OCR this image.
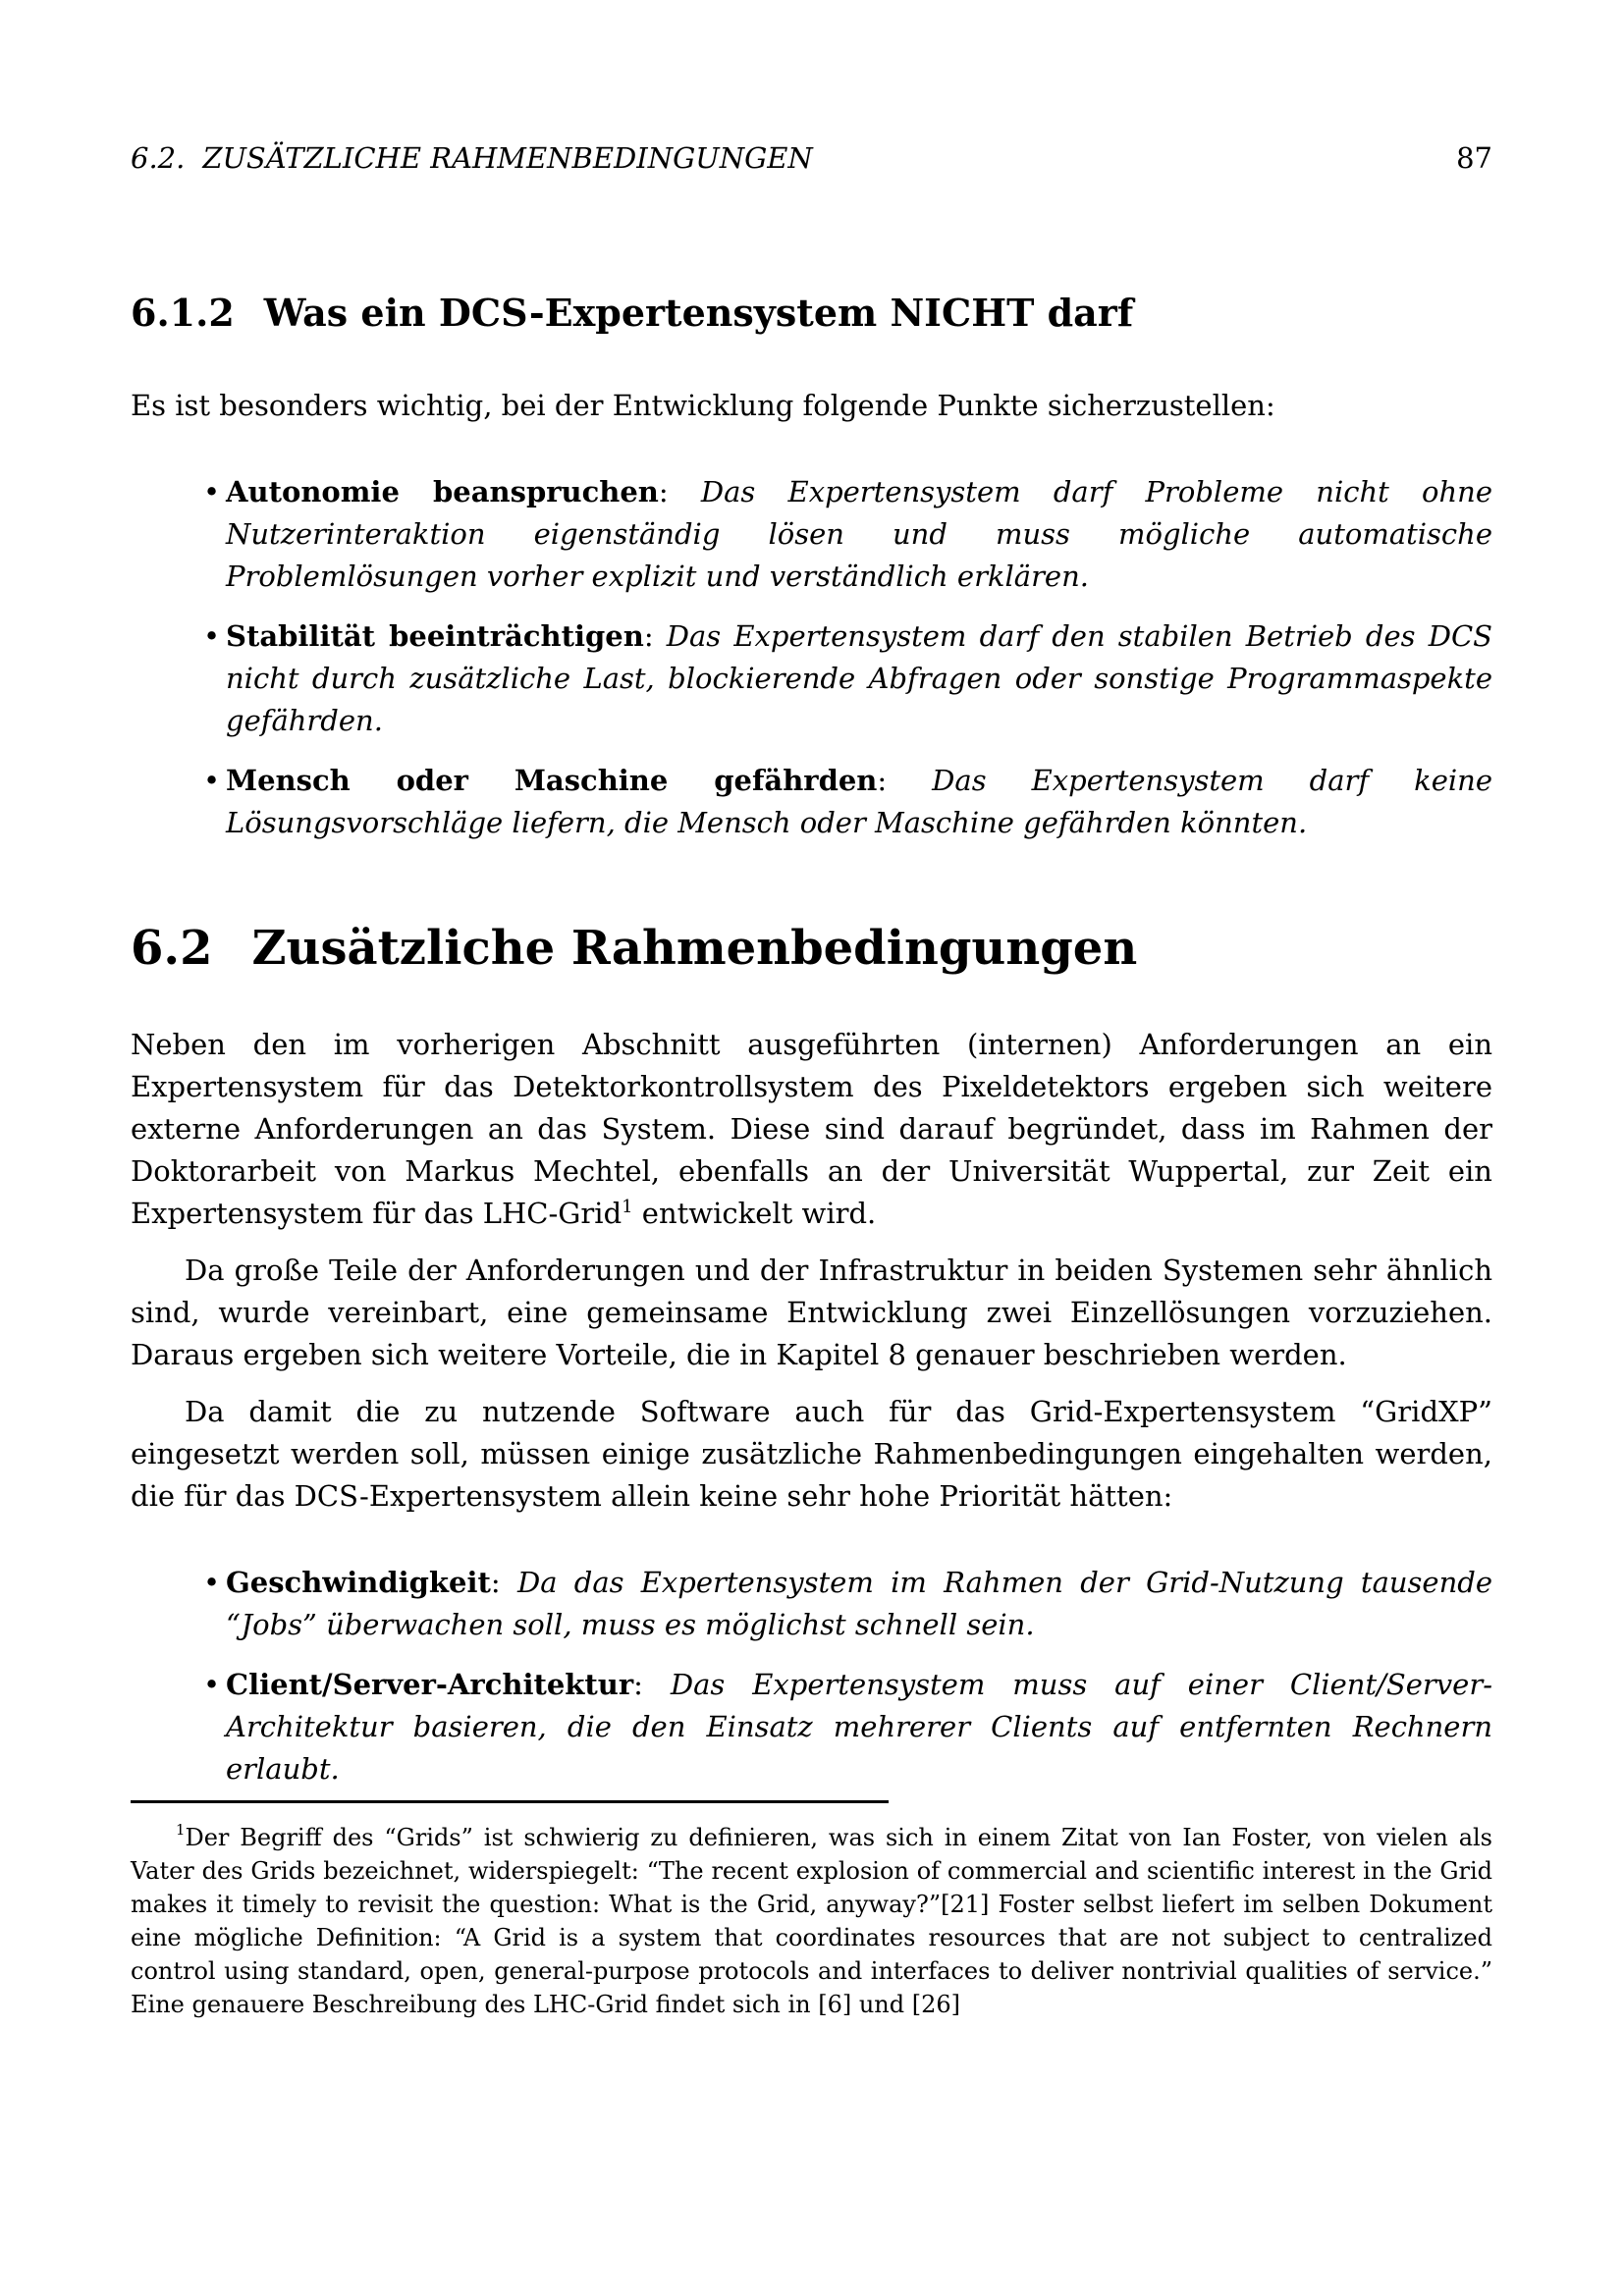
6.2. ZUSÄTZLICHE RAHMENBEDINGUNGEN	87
6.1.2 Was ein DCS-Expertensystem NICHT darf

Es ist besonders wichtig, bei der Entwicklung folgende Punkte sicherzustellen:

• Autonomie beanspruchen: Das Expertensystem darf Probleme nicht ohne Nutzerinteraktion eigenständig lösen und muss mögliche automatische Problemlösungen vorher explizit und verständlich erklären.
• Stabilität beeinträchtigen: Das Expertensystem darf den stabilen Betrieb des DCS nicht durch zusätzliche Last, blockierende Abfragen oder sonstige Programmaspekte gefährden.
• Mensch oder Maschine gefährden: Das Expertensystem darf keine Lösungsvorschläge liefern, die Mensch oder Maschine gefährden könnten.
6.2 Zusätzliche Rahmenbedingungen

Neben den im vorherigen Abschnitt ausgeführten (internen) Anforderungen an ein Expertensystem für das Detektorkontrollsystem des Pixeldetektors ergeben sich weitere externe Anforderungen an das System. Diese sind darauf begründet, dass im Rahmen der Doktorarbeit von Markus Mechtel, ebenfalls an der Universität Wuppertal, zur Zeit ein Expertensystem für das LHC-Grid$^1$ entwickelt wird.

Da große Teile der Anforderungen und der Infrastruktur in beiden Systemen sehr ähnlich sind, wurde vereinbart, eine gemeinsame Entwicklung zwei Einzellösungen vorzuziehen. Daraus ergeben sich weitere Vorteile, die in Kapitel 8 genauer beschrieben werden.

Da damit die zu nutzende Software auch für das Grid-Expertensystem “GridXP” eingesetzt werden soll, müssen einige zusätzliche Rahmenbedingungen eingehalten werden, die für das DCS-Expertensystem allein keine sehr hohe Priorität hätten:

• Geschwindigkeit: Da das Expertensystem im Rahmen der Grid-Nutzung tausende “Jobs” überwachen soll, muss es möglichst schnell sein.
• Client/Server-Architektur: Das Expertensystem muss auf einer Client/Server-Architektur basieren, die den Einsatz mehrerer Clients auf entfernten Rechnern erlaubt.

$^1$Der Begriff des “Grids” ist schwierig zu definieren, was sich in einem Zitat von Ian Foster, von vielen als Vater des Grids bezeichnet, widerspiegelt: “The recent explosion of commercial and scientific interest in the Grid makes it timely to revisit the question: What is the Grid, anyway?”[21] Foster selbst liefert im selben Dokument eine mögliche Definition: “A Grid is a system that coordinates resources that are not subject to centralized control using standard, open, general-purpose protocols and interfaces to deliver nontrivial qualities of service.” Eine genauere Beschreibung des LHC-Grid findet sich in [6] und [26]
